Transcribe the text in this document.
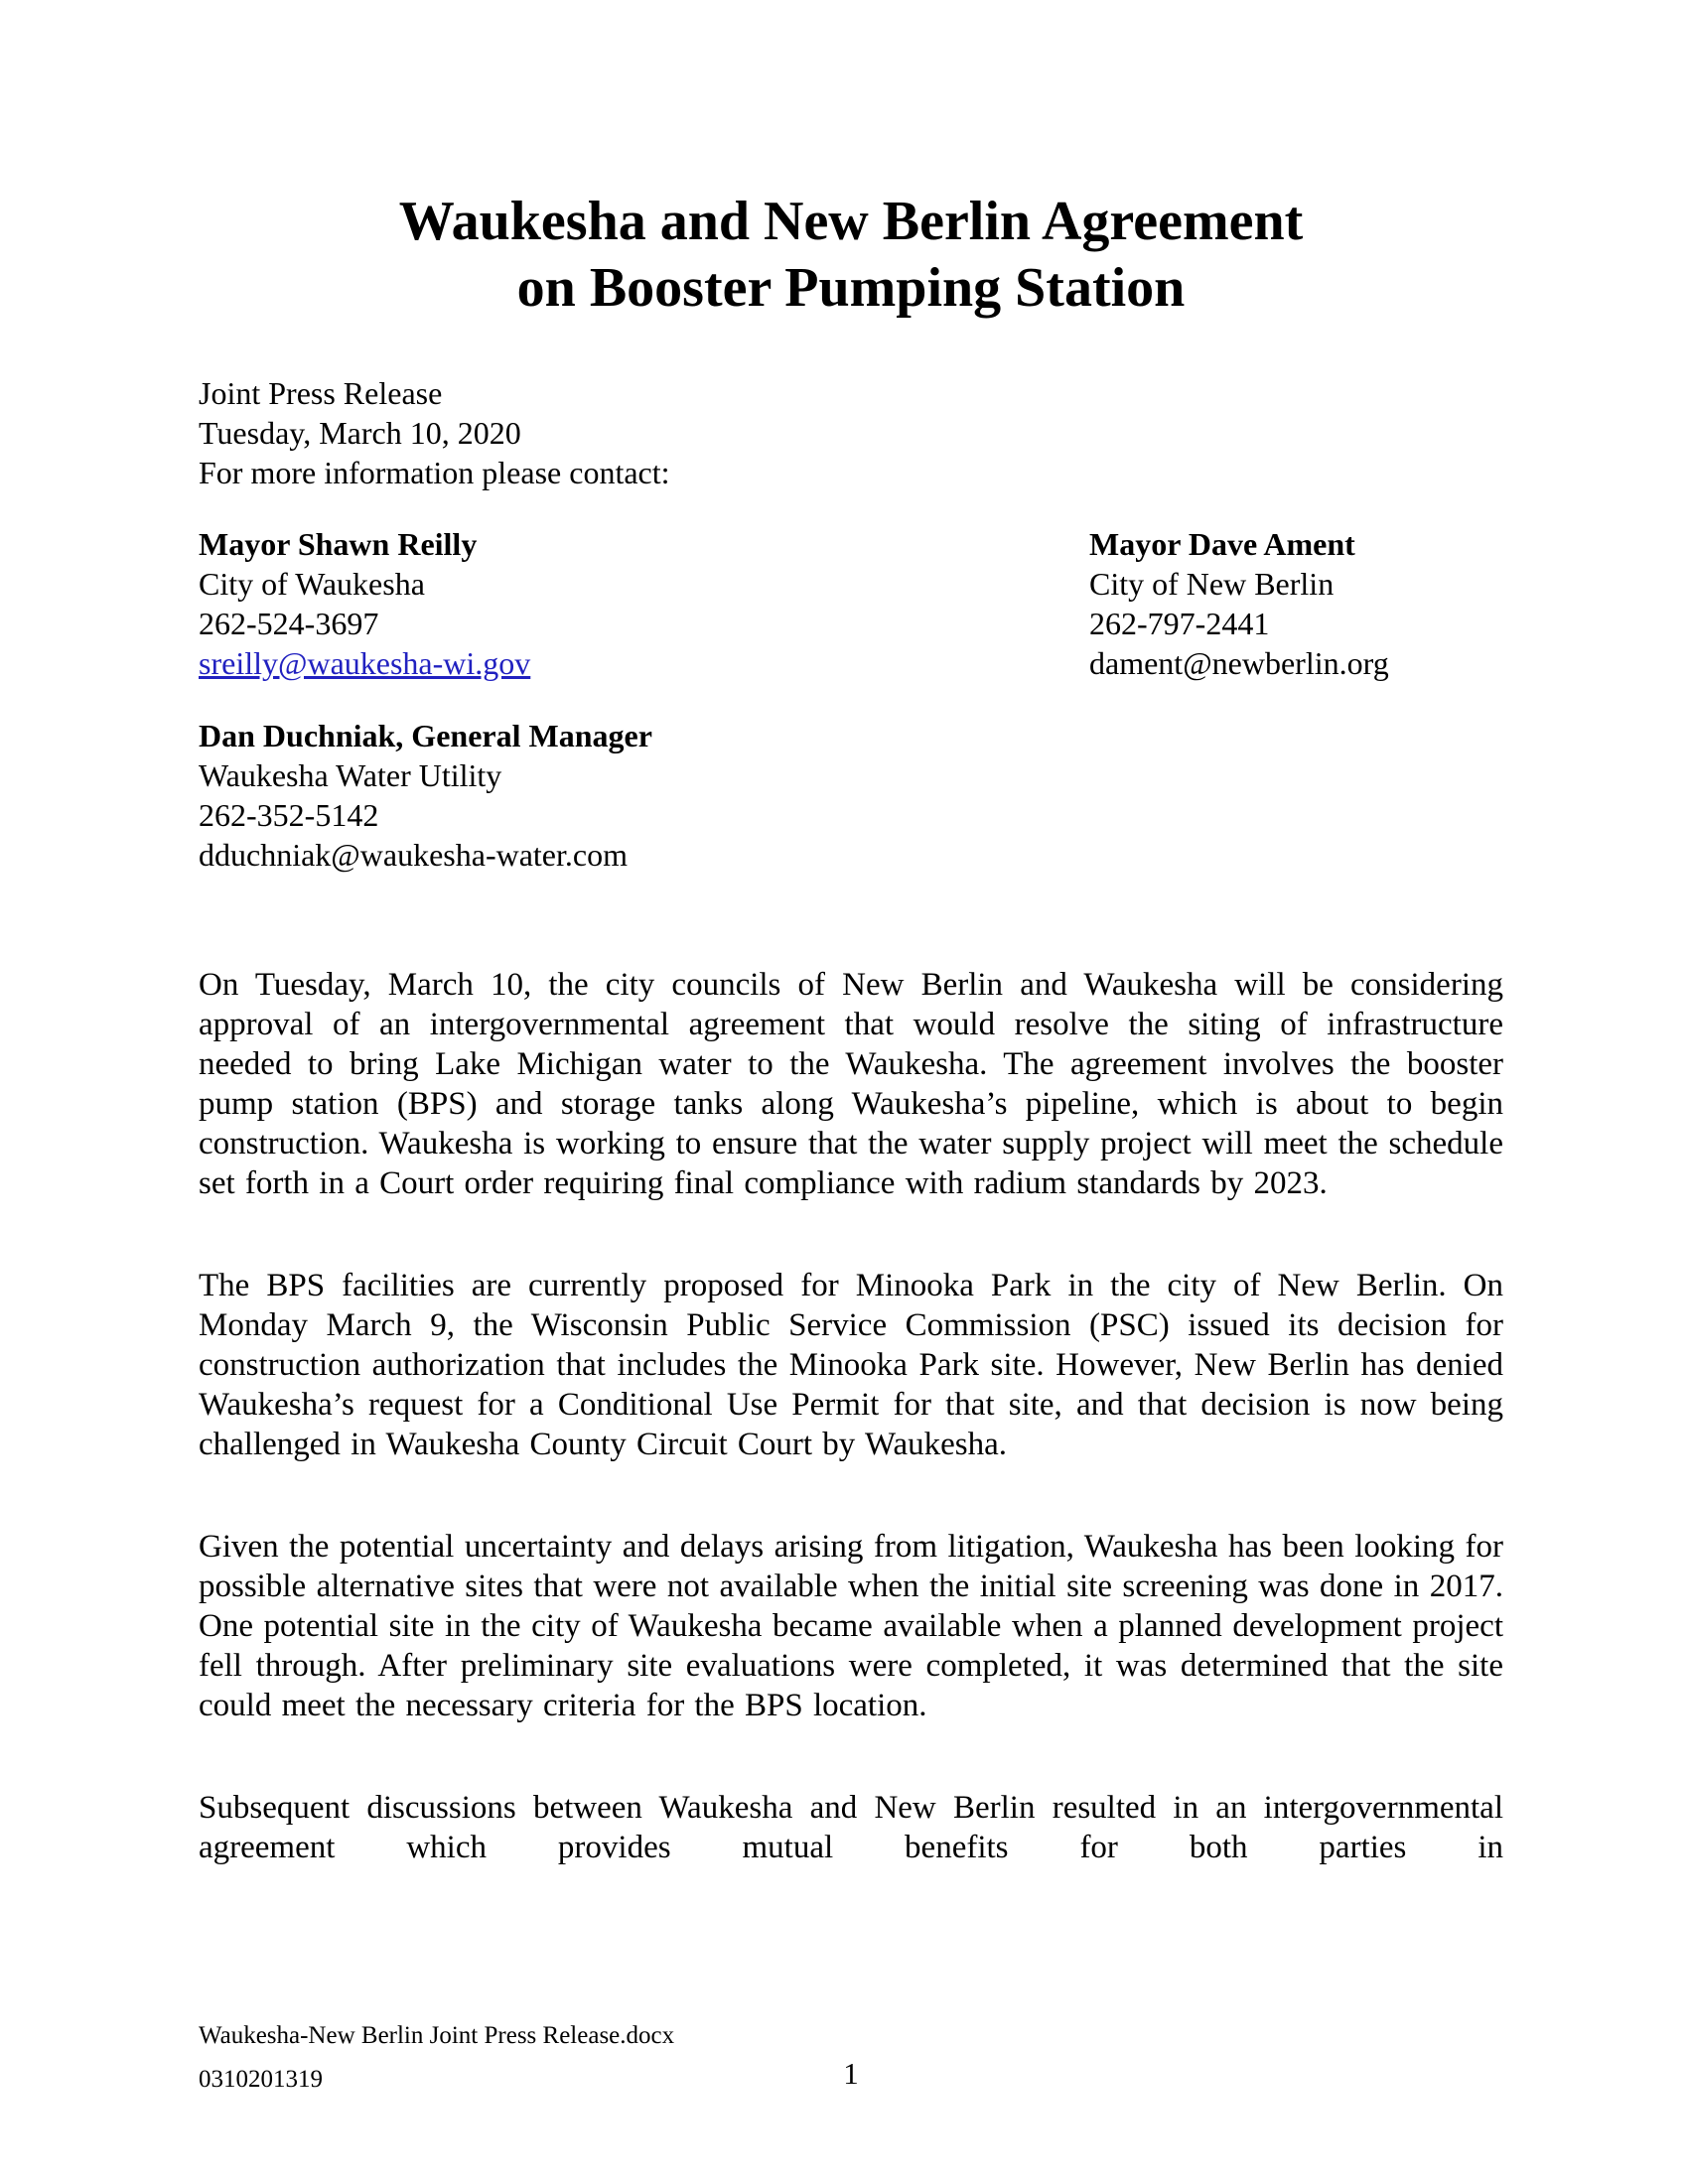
Waukesha and New Berlin Agreement
on Booster Pumping Station
Joint Press Release
Tuesday, March 10, 2020
For more information please contact:
Mayor Shawn Reilly
City of Waukesha
262-524-3697
sreilly@waukesha-wi.gov
Mayor Dave Ament
City of New Berlin
262-797-2441
dament@newberlin.org
Dan Duchniak, General Manager
Waukesha Water Utility
262-352-5142
dduchniak@waukesha-water.com

On Tuesday, March 10, the city councils of New Berlin and Waukesha will be considering approval of an intergovernmental agreement that would resolve the siting of infrastructure needed to bring Lake Michigan water to the Waukesha. The agreement involves the booster pump station (BPS) and storage tanks along Waukesha’s pipeline, which is about to begin construction. Waukesha is working to ensure that the water supply project will meet the schedule set forth in a Court order requiring final compliance with radium standards by 2023.

The BPS facilities are currently proposed for Minooka Park in the city of New Berlin. On Monday March 9, the Wisconsin Public Service Commission (PSC) issued its decision for construction authorization that includes the Minooka Park site. However, New Berlin has denied Waukesha’s request for a Conditional Use Permit for that site, and that decision is now being challenged in Waukesha County Circuit Court by Waukesha.

Given the potential uncertainty and delays arising from litigation, Waukesha has been looking for possible alternative sites that were not available when the initial site screening was done in 2017. One potential site in the city of Waukesha became available when a planned development project fell through. After preliminary site evaluations were completed, it was determined that the site could meet the necessary criteria for the BPS location.

Subsequent discussions between Waukesha and New Berlin resulted in an intergovernmental agreement which provides mutual benefits for both parties in

Waukesha-New Berlin Joint Press Release.docx
0310201319	1
